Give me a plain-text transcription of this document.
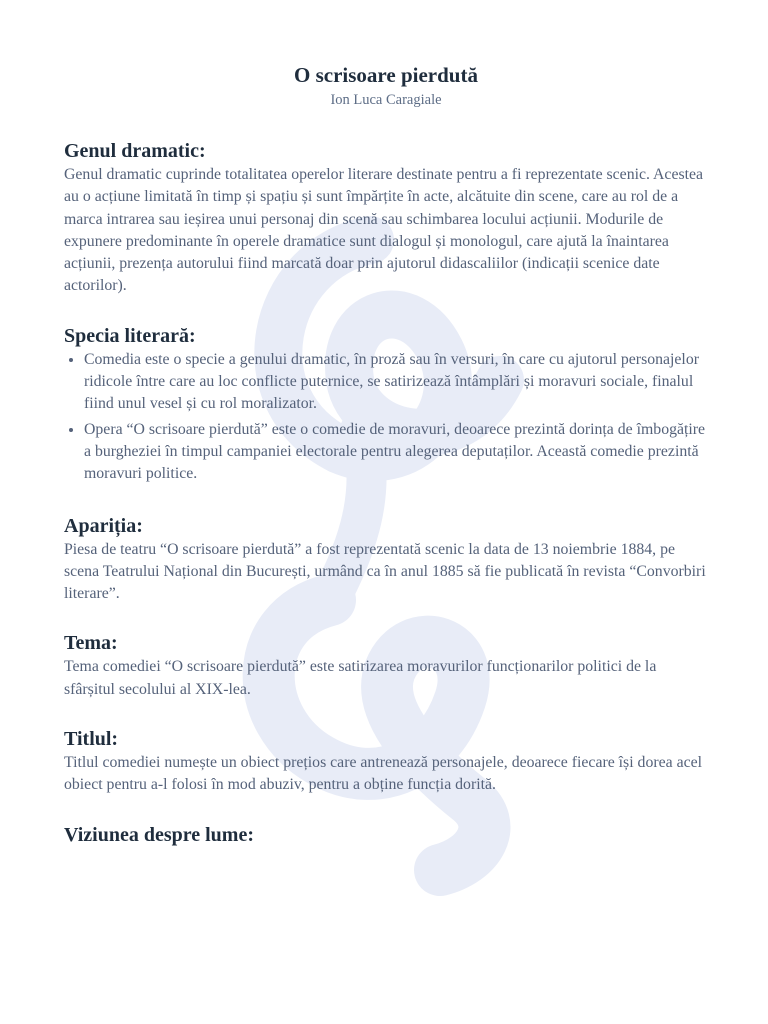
O scrisoare pierdută
Ion Luca Caragiale
Genul dramatic:

Genul dramatic cuprinde totalitatea operelor literare destinate pentru a fi reprezentate scenic. Acestea au o acțiune limitată în timp și spațiu și sunt împărțite în acte, alcătuite din scene, care au rol de a marca intrarea sau ieșirea unui personaj din scenă sau schimbarea locului acțiunii. Modurile de expunere predominante în operele dramatice sunt dialogul și monologul, care ajută la înaintarea acțiunii, prezența autorului fiind marcată doar prin ajutorul didascaliilor (indicații scenice date actorilor).

Specia literară:
• Comedia este o specie a genului dramatic, în proză sau în versuri, în care cu ajutorul personajelor ridicole între care au loc conflicte puternice, se satirizează întâmplări și moravuri sociale, finalul fiind unul vesel și cu rol moralizator.
• Opera “O scrisoare pierdută” este o comedie de moravuri, deoarece prezintă dorința de îmbogățire a burgheziei în timpul campaniei electorale pentru alegerea deputaților. Această comedie prezintă moravuri politice.
Apariția:

Piesa de teatru “O scrisoare pierdută” a fost reprezentată scenic la data de 13 noiembrie 1884, pe scena Teatrului Național din București, urmând ca în anul 1885 să fie publicată în revista “Convorbiri literare”.

Tema:

Tema comediei “O scrisoare pierdută” este satirizarea moravurilor funcționarilor politici de la sfârșitul secolului al XIX-lea.

Titlul:

Titlul comediei numește un obiect prețios care antrenează personajele, deoarece fiecare își dorea acel obiect pentru a-l folosi în mod abuziv, pentru a obține funcția dorită.

Viziunea despre lume:
